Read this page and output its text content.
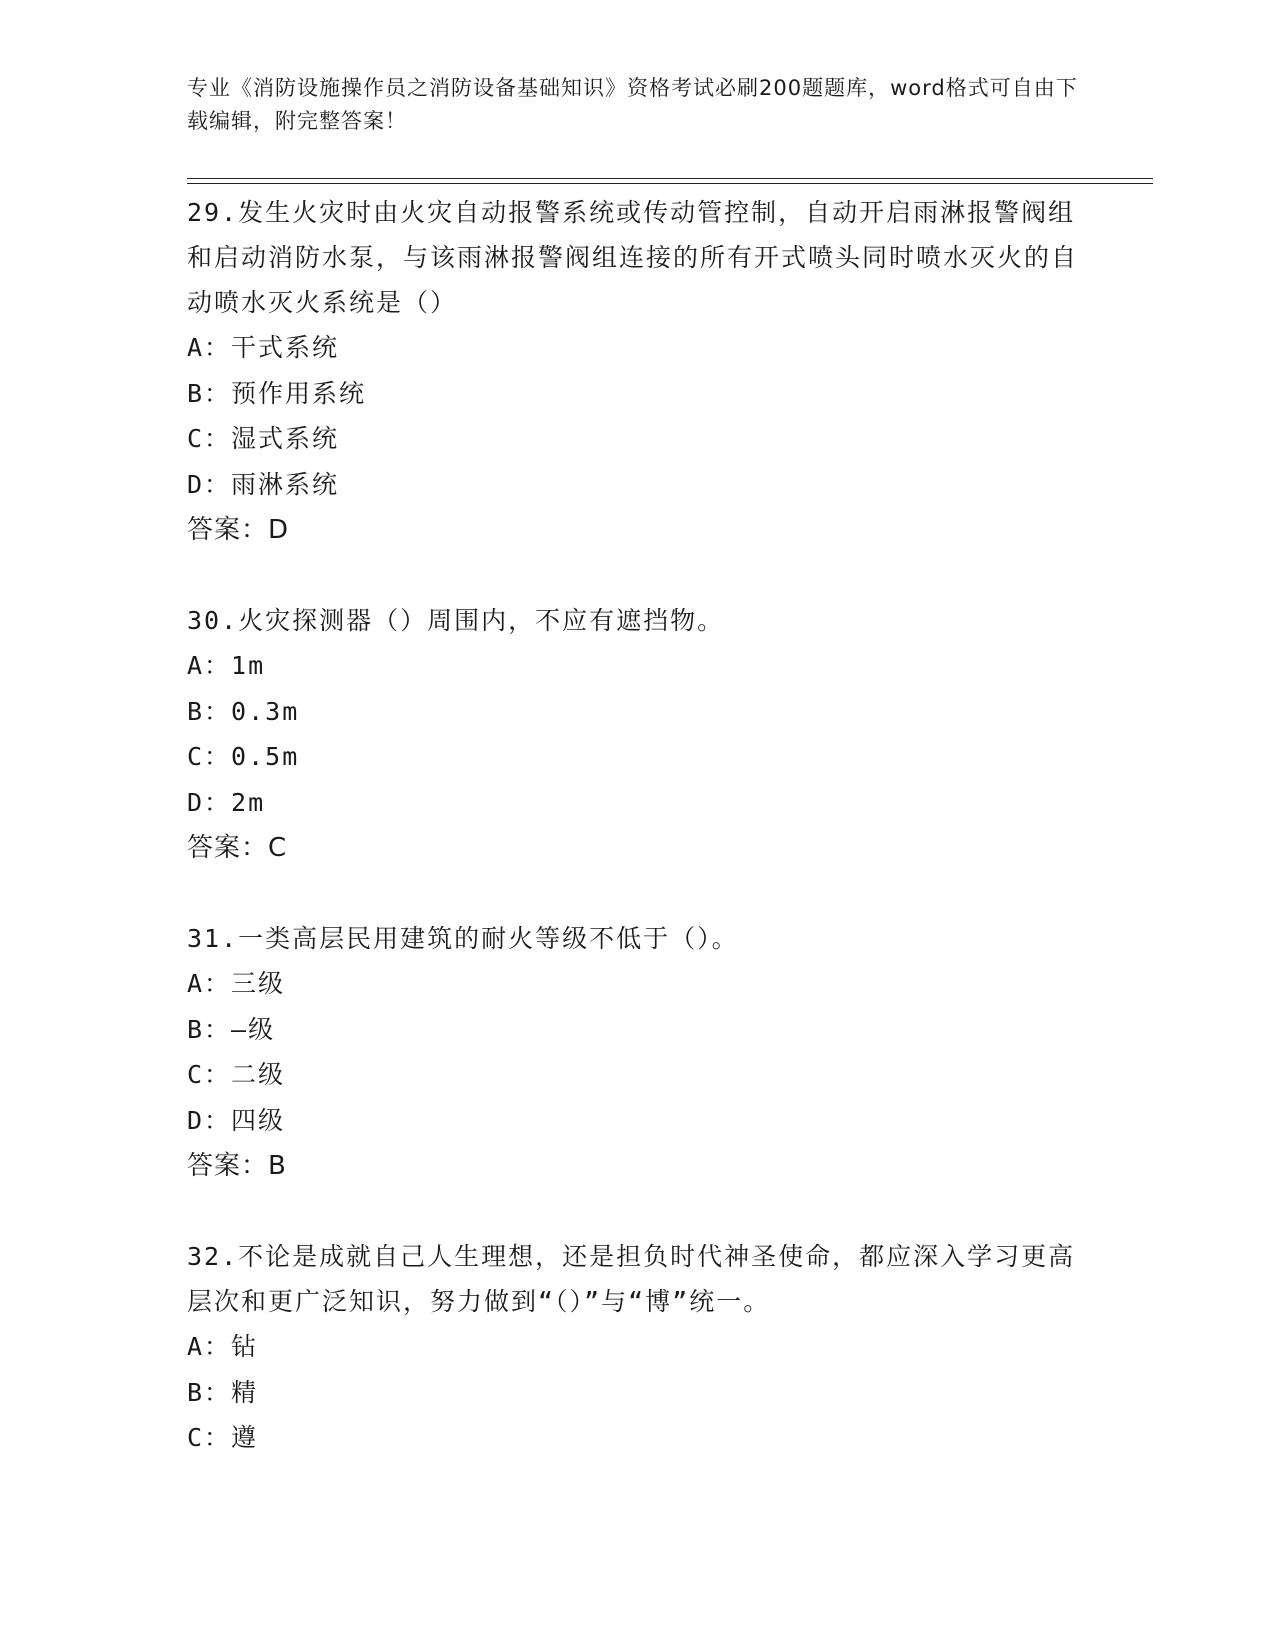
专业《消防设施操作员之消防设备基础知识》资格考试必刷200题题库，word格式可自由下载编辑，附完整答案！

29.发生火灾时由火灾自动报警系统或传动管控制，自动开启雨淋报警阀组和启动消防水泵，与该雨淋报警阀组连接的所有开式喷头同时喷水灭火的自动喷水灭火系统是（）

A：干式系统

B：预作用系统

C：湿式系统

D：雨淋系统

答案：D

30.火灾探测器（）周围内，不应有遮挡物。

A：1m

B：0.3m

C：0.5m

D：2m

答案：C

31.一类高层民用建筑的耐火等级不低于（）。

A：三级

B：—级

C：二级

D：四级

答案：B

32.不论是成就自己人生理想，还是担负时代神圣使命，都应深入学习更高层次和更广泛知识，努力做到“（）”与“博”统一。

A：钻

B：精

C：遵
